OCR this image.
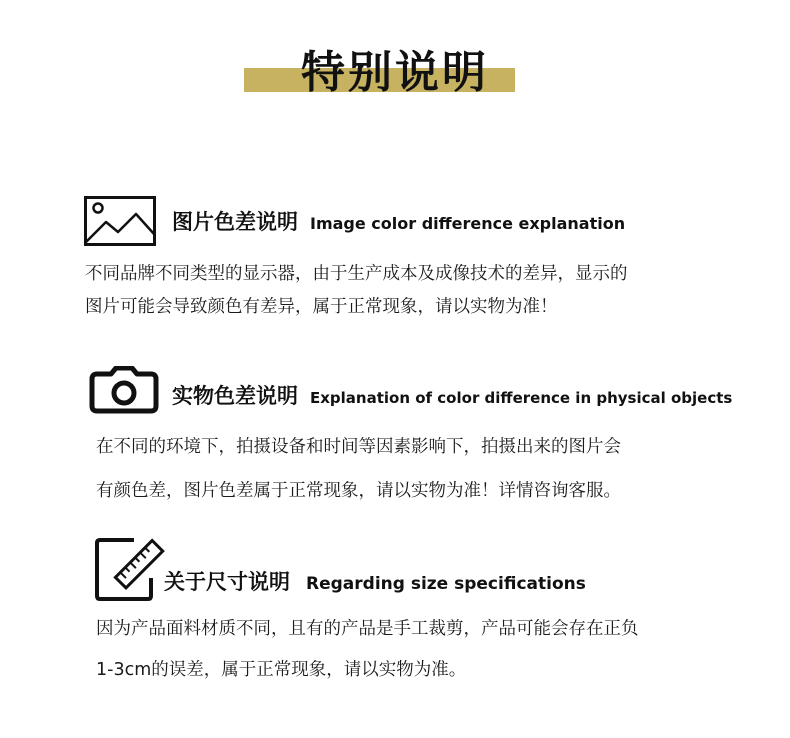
特别说明
图片色差说明 Image color difference explanation
不同品牌不同类型的显示器，由于生产成本及成像技术的差异，显示的
图片可能会导致颜色有差异，属于正常现象，请以实物为准！
实物色差说明 Explanation of color difference in physical objects
在不同的环境下，拍摄设备和时间等因素影响下，拍摄出来的图片会
有颜色差，图片色差属于正常现象，请以实物为准！详情咨询客服。
关于尺寸说明 Regarding size specifications
因为产品面料材质不同，且有的产品是手工裁剪，产品可能会存在正负
1-3cm的误差，属于正常现象，请以实物为准。
